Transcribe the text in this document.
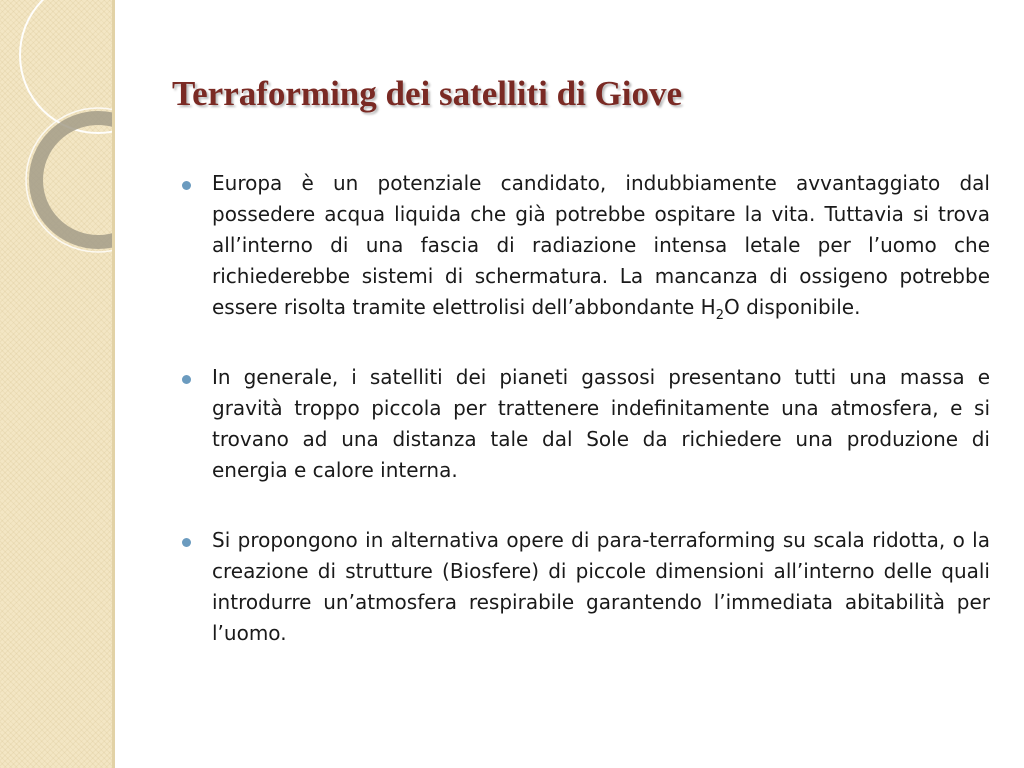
Terraforming dei satelliti di Giove
Europa è un potenziale candidato, indubbiamente avvantaggiato dal possedere acqua liquida che già potrebbe ospitare la vita. Tuttavia si trova all’interno di una fascia di radiazione intensa letale per l’uomo che richiederebbe sistemi di schermatura. La mancanza di ossigeno potrebbe essere risolta tramite elettrolisi dell’abbondante $H_2O$ disponibile.
In generale, i satelliti dei pianeti gassosi presentano tutti una massa e gravità troppo piccola per trattenere indefinitamente una atmosfera, e si trovano ad una distanza tale dal Sole da richiedere una produzione di energia e calore interna.
Si propongono in alternativa opere di para-terraforming su scala ridotta, o la creazione di strutture (Biosfere) di piccole dimensioni all’interno delle quali introdurre un’atmosfera respirabile garantendo l’immediata abitabilità per l’uomo.
